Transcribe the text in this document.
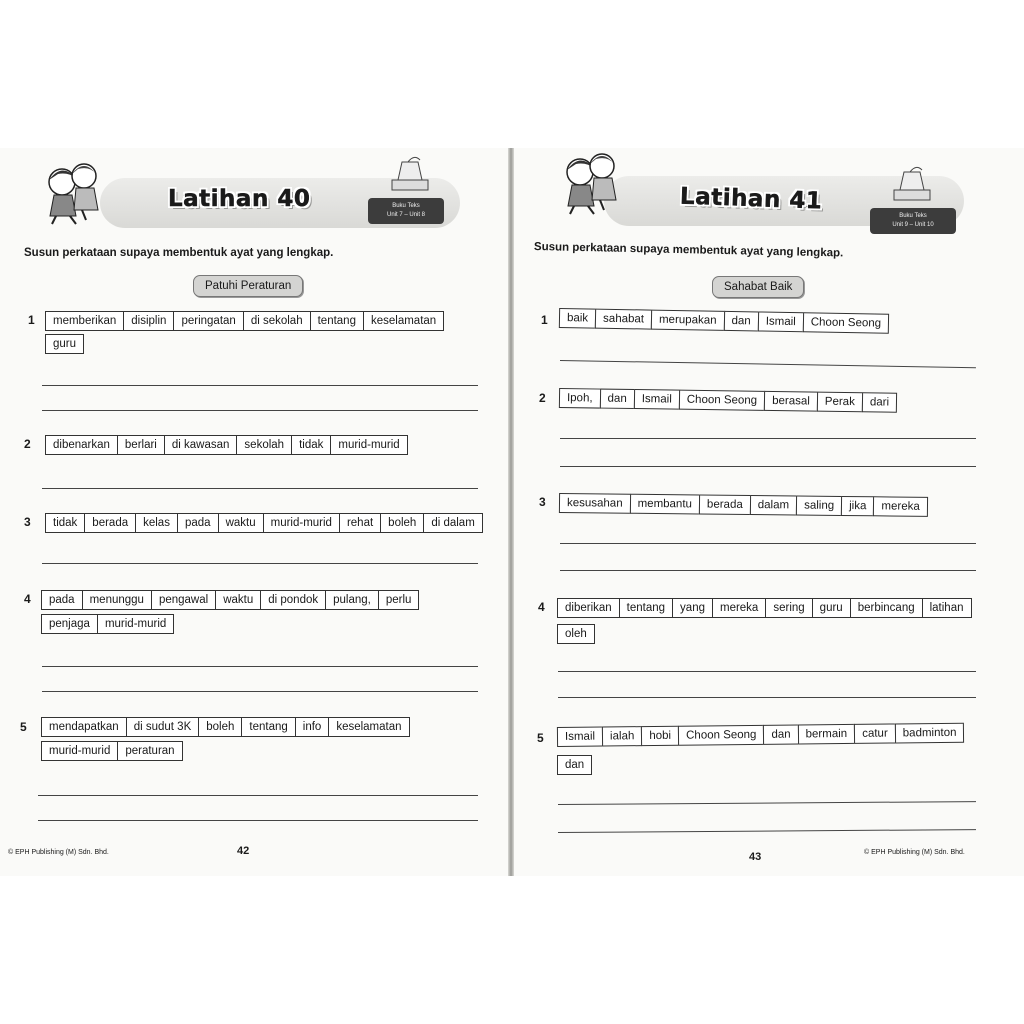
Latihan 40	Buku Teks
Unit 7 – Unit 8
Susun perkataan supaya membentuk ayat yang lengkap.
Patuhi Peraturan
1	memberikan	disiplin	peringatan	di sekolah	tentang	keselamatan
guru
2	dibenarkan	berlari	di kawasan	sekolah	tidak	murid-murid
3	tidak	berada	kelas	pada	waktu	murid-murid	rehat	boleh	di dalam
4	pada	menunggu	pengawal	waktu	di pondok	pulang,	perlu
penjaga	murid-murid
5	mendapatkan	di sudut 3K	boleh	tentang	info	keselamatan
murid-murid	peraturan
© EPH Publishing (M) Sdn. Bhd.	42
Latihan 41
Buku Teks
Unit 9 – Unit 10
Susun perkataan supaya membentuk ayat yang lengkap.
Sahabat Baik
1	baik	sahabat	merupakan	dan	Ismail	Choon Seong
2	Ipoh,	dan	Ismail	Choon Seong	berasal	Perak	dari
3	kesusahan	membantu	berada	dalam	saling	jika	mereka
4	diberikan	tentang	yang	mereka	sering	guru	berbincang	latihan
oleh
5	Ismail	ialah	hobi	Choon Seong	dan	bermain	catur	badminton
dan
43	© EPH Publishing (M) Sdn. Bhd.
